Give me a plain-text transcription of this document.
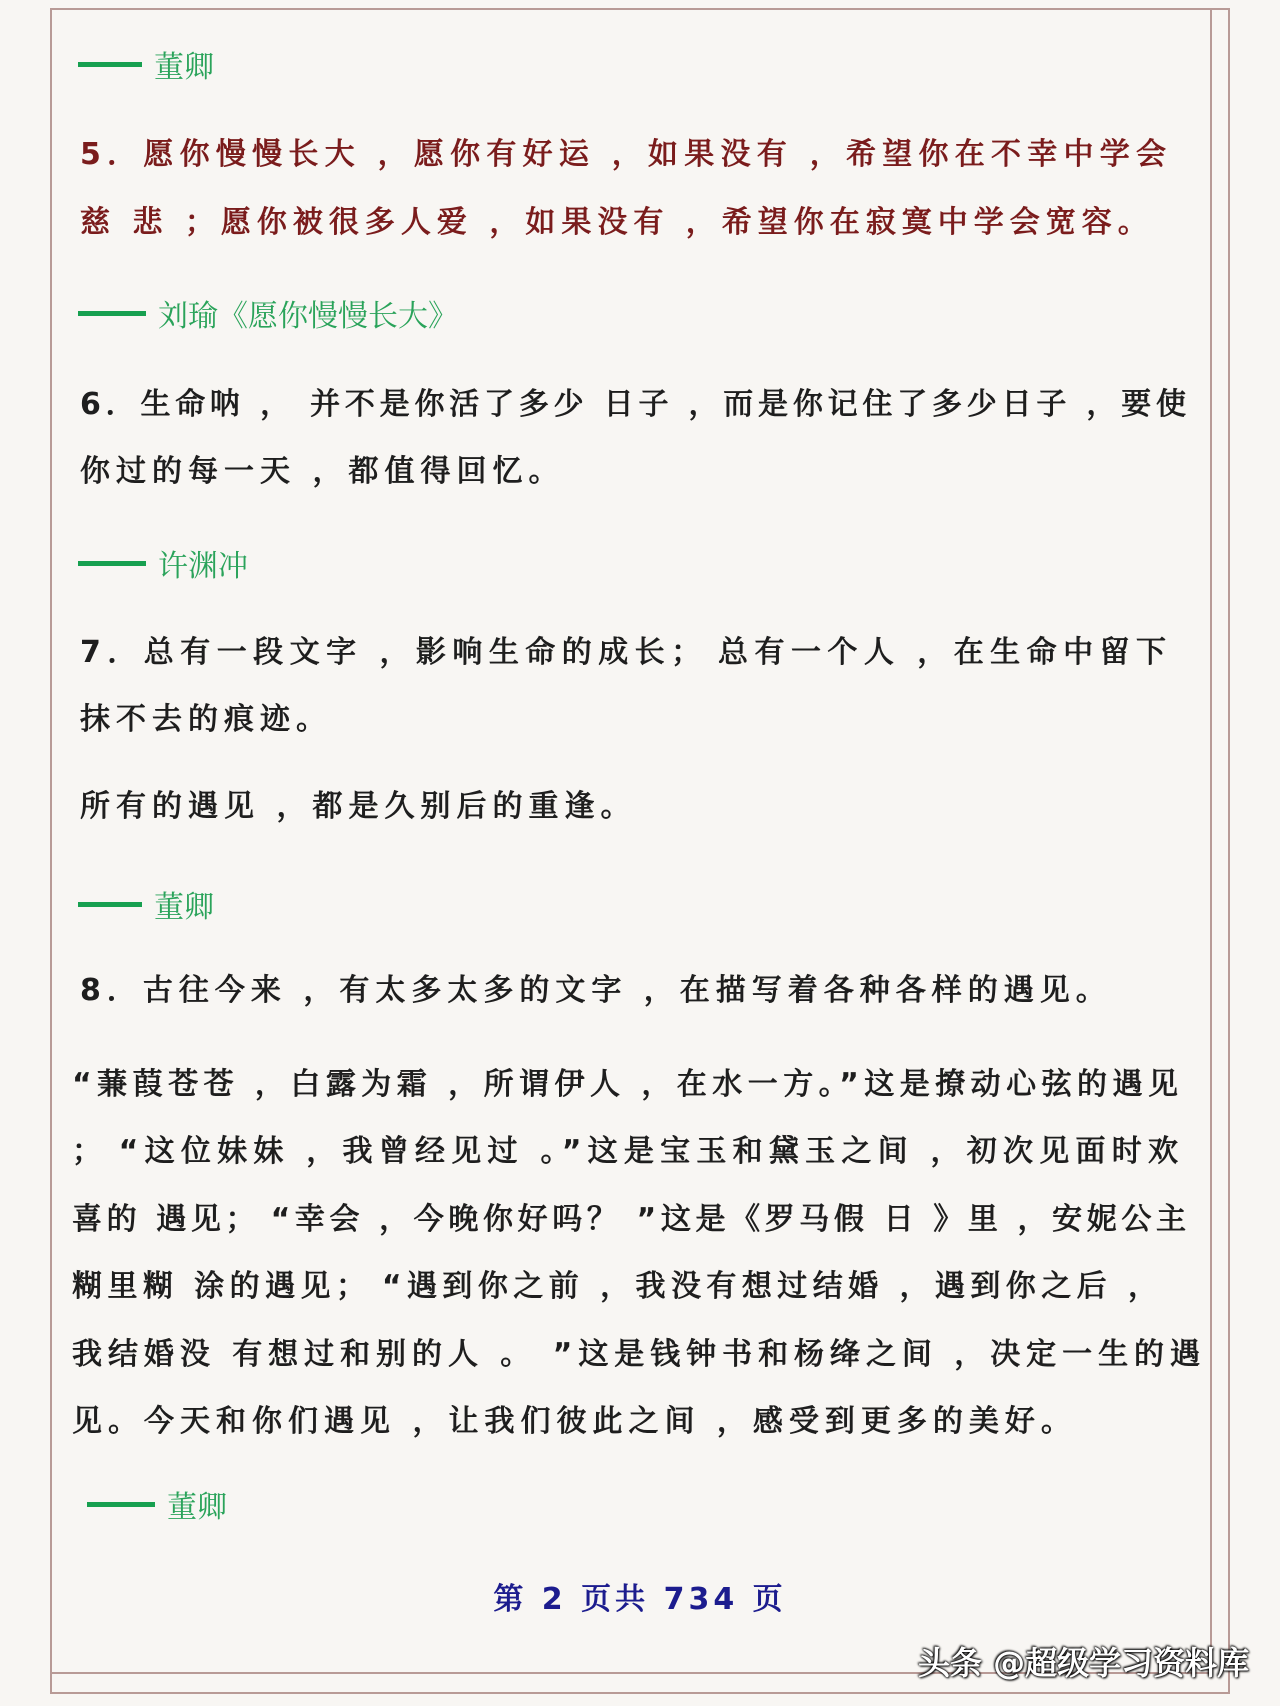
董卿
5．愿你慢慢长大 ，愿你有好运 ，如果没有 ，希望你在不幸中学会
慈 悲 ；愿你被很多人爱 ，如果没有 ，希望你在寂寞中学会宽容。
刘瑜《愿你慢慢长大》
6．生命呐 ， 并不是你活了多少 日子 ，而是你记住了多少日子 ，要使
你过的每一天 ，都值得回忆。
许渊冲
7．总有一段文字 ，影响生命的成长； 总有一个人 ，在生命中留下
抹不去的痕迹。
所有的遇见 ，都是久别后的重逢。
董卿
8．古往今来 ，有太多太多的文字 ，在描写着各种各样的遇见。
“蒹葭苍苍 ，白露为霜 ，所谓伊人 ，在水一方。”这是撩动心弦的遇见
； “这位妹妹 ，我曾经见过 。”这是宝玉和黛玉之间 ，初次见面时欢
喜的 遇见； “幸会 ，今晚你好吗？ ”这是《罗马假 日 》里 ，安妮公主
糊里糊 涂的遇见； “遇到你之前 ，我没有想过结婚 ，遇到你之后 ，
我结婚没 有想过和别的人 。 ”这是钱钟书和杨绛之间 ，决定一生的遇
见。今天和你们遇见 ，让我们彼此之间 ，感受到更多的美好。
董卿
第 2 页共 734 页
头条 @超级学习资料库
